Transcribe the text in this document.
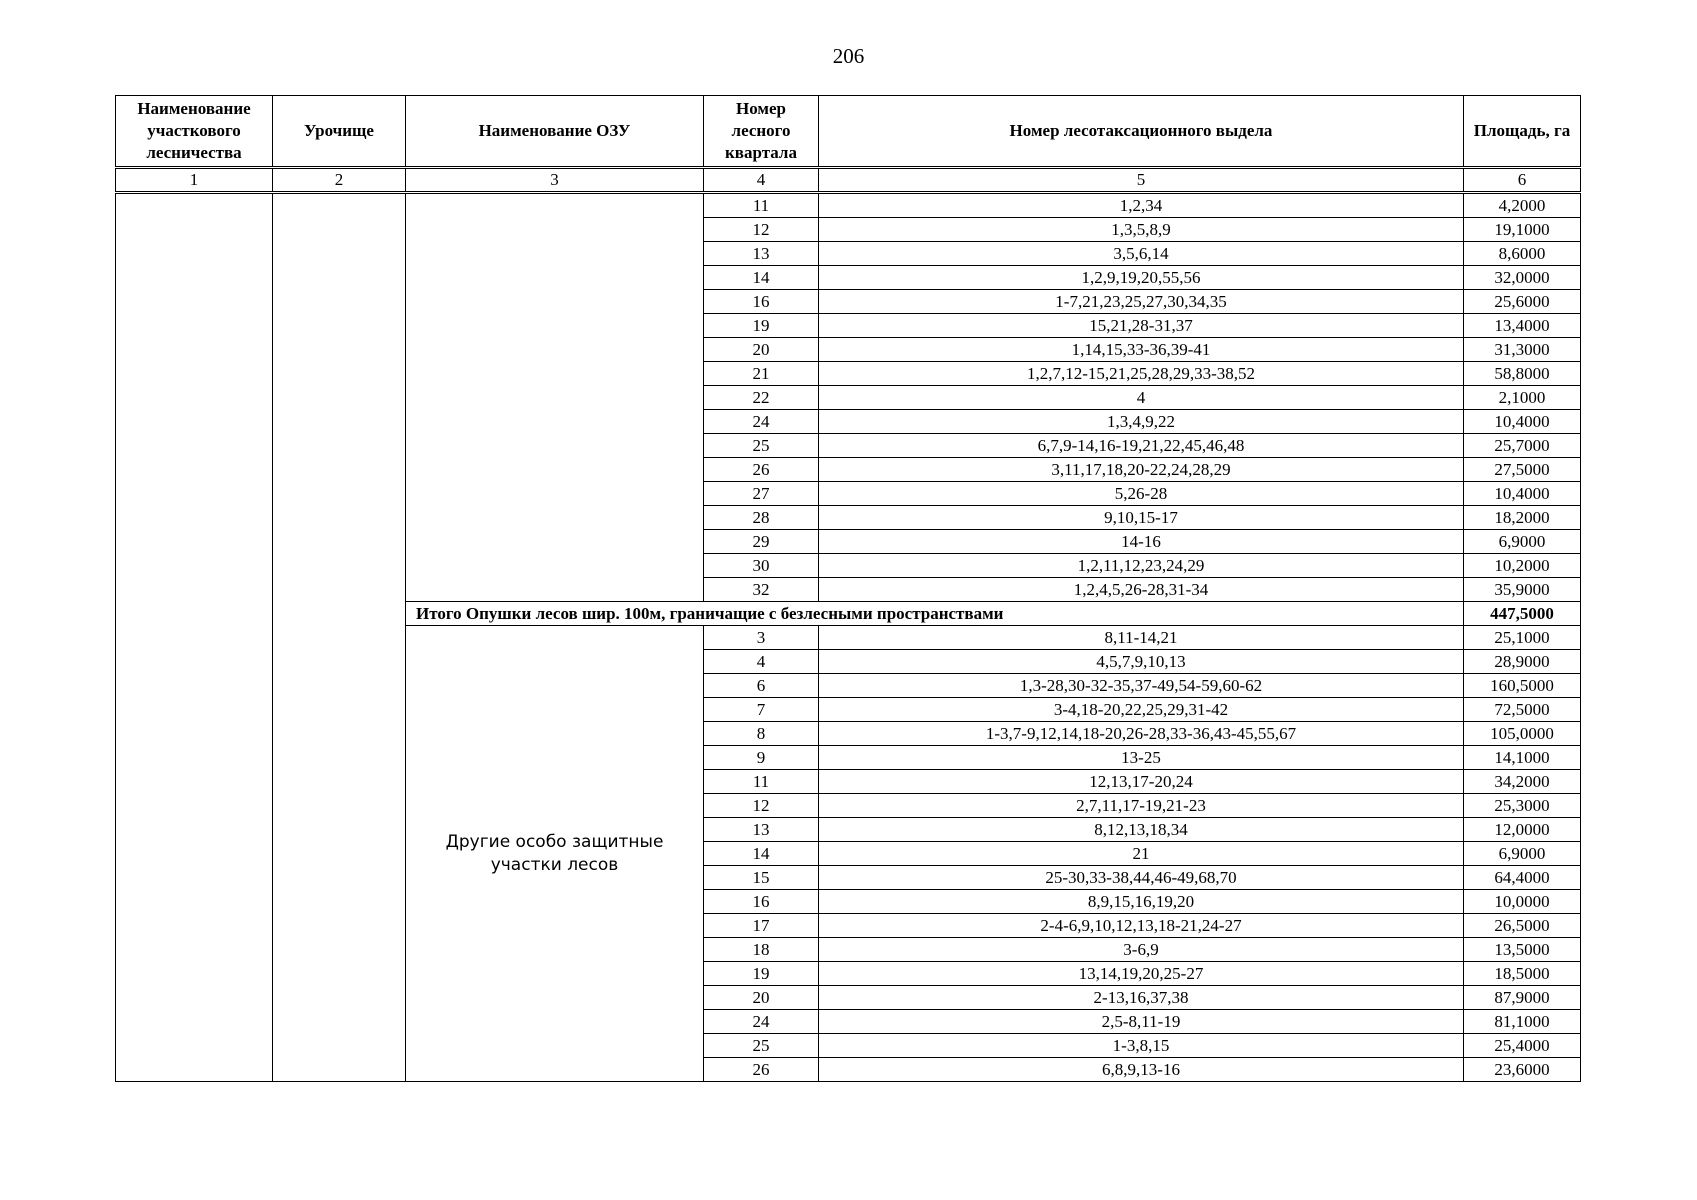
206
Наименование участкового лесничества	Урочище	Наименование ОЗУ	Номер лесного квартала	Номер лесотаксационного выдела	Площадь, га
1	2	3	4	5	6
			11	1,2,34	4,2000
			12	1,3,5,8,9	19,1000
			13	3,5,6,14	8,6000
			14	1,2,9,19,20,55,56	32,0000
			16	1-7,21,23,25,27,30,34,35	25,6000
			19	15,21,28-31,37	13,4000
			20	1,14,15,33-36,39-41	31,3000
			21	1,2,7,12-15,21,25,28,29,33-38,52	58,8000
			22	4	2,1000
			24	1,3,4,9,22	10,4000
			25	6,7,9-14,16-19,21,22,45,46,48	25,7000
			26	3,11,17,18,20-22,24,28,29	27,5000
			27	5,26-28	10,4000
			28	9,10,15-17	18,2000
			29	14-16	6,9000
			30	1,2,11,12,23,24,29	10,2000
			32	1,2,4,5,26-28,31-34	35,9000
		Итого Опушки лесов шир. 100м, граничащие с безлесными пространствами			447,5000
		Другие особо защитные участки лесов	3	8,11-14,21	25,1000
			4	4,5,7,9,10,13	28,9000
			6	1,3-28,30-32-35,37-49,54-59,60-62	160,5000
			7	3-4,18-20,22,25,29,31-42	72,5000
			8	1-3,7-9,12,14,18-20,26-28,33-36,43-45,55,67	105,0000
			9	13-25	14,1000
			11	12,13,17-20,24	34,2000
			12	2,7,11,17-19,21-23	25,3000
			13	8,12,13,18,34	12,0000
			14	21	6,9000
			15	25-30,33-38,44,46-49,68,70	64,4000
			16	8,9,15,16,19,20	10,0000
			17	2-4-6,9,10,12,13,18-21,24-27	26,5000
			18	3-6,9	13,5000
			19	13,14,19,20,25-27	18,5000
			20	2-13,16,37,38	87,9000
			24	2,5-8,11-19	81,1000
			25	1-3,8,15	25,4000
			26	6,8,9,13-16	23,6000
